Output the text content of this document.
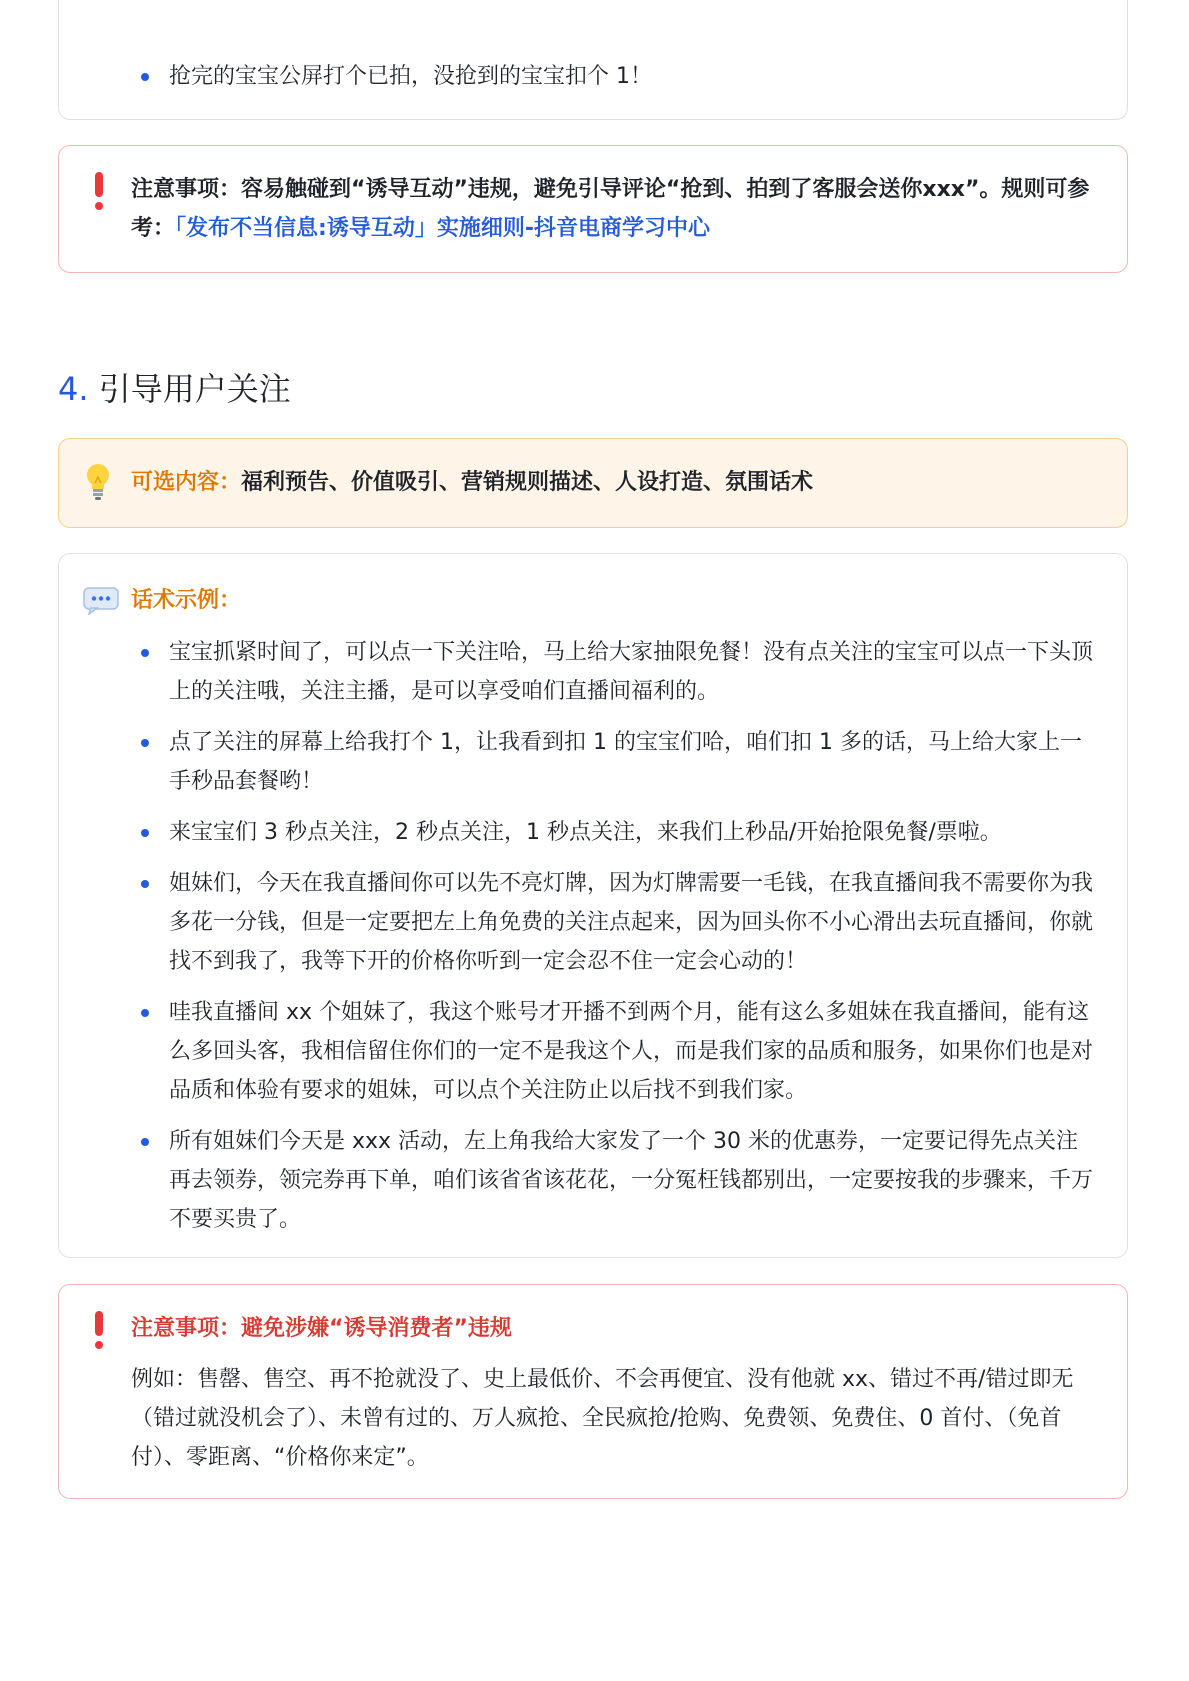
抢完的宝宝公屏打个已拍，没抢到的宝宝扣个 1！
注意事项：容易触碰到“诱导互动”违规，避免引导评论“抢到、拍到了客服会送你xxx”。规则可参考：「发布不当信息:诱导互动」实施细则-抖音电商学习中心
4. 引导用户关注
可选内容：福利预告、价值吸引、营销规则描述、人设打造、氛围话术
话术示例：
宝宝抓紧时间了，可以点一下关注哈，马上给大家抽限免餐！没有点关注的宝宝可以点一下头顶上的关注哦，关注主播，是可以享受咱们直播间福利的。
点了关注的屏幕上给我打个 1，让我看到扣 1 的宝宝们哈，咱们扣 1 多的话，马上给大家上一手秒品套餐哟！
来宝宝们 3 秒点关注，2 秒点关注，1 秒点关注，来我们上秒品/开始抢限免餐/票啦。
姐妹们，今天在我直播间你可以先不亮灯牌，因为灯牌需要一毛钱，在我直播间我不需要你为我多花一分钱，但是一定要把左上角免费的关注点起来，因为回头你不小心滑出去玩直播间，你就找不到我了，我等下开的价格你听到一定会忍不住一定会心动的！
哇我直播间 xx 个姐妹了，我这个账号才开播不到两个月，能有这么多姐妹在我直播间，能有这么多回头客，我相信留住你们的一定不是我这个人，而是我们家的品质和服务，如果你们也是对品质和体验有要求的姐妹，可以点个关注防止以后找不到我们家。
所有姐妹们今天是 xxx 活动，左上角我给大家发了一个 30 米的优惠券，一定要记得先点关注再去领券，领完券再下单，咱们该省省该花花，一分冤枉钱都别出，一定要按我的步骤来，千万不要买贵了。
注意事项：避免涉嫌“诱导消费者”违规
例如：售罄、售空、再不抢就没了、史上最低价、不会再便宜、没有他就 xx、错过不再/错过即无（错过就没机会了）、未曾有过的、万人疯抢、全民疯抢/抢购、免费领、免费住、0 首付、（免首付）、零距离、“价格你来定”。
